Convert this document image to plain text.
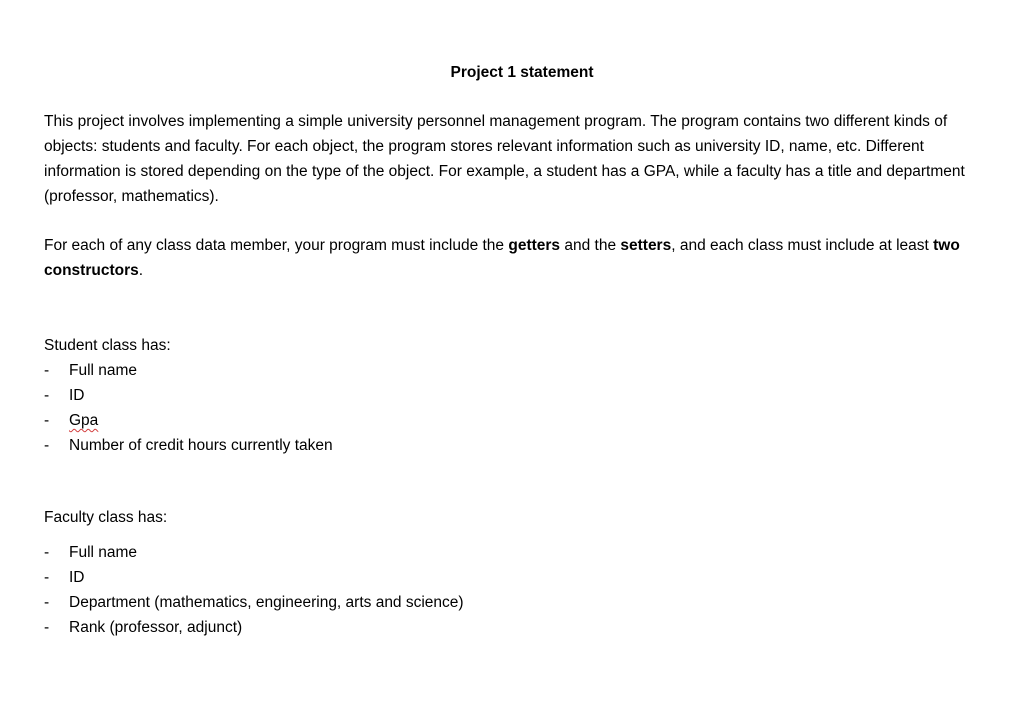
Project 1 statement

This project involves implementing a simple university personnel management program. The program contains two different kinds of objects: students and faculty. For each object, the program stores relevant information such as university ID, name, etc. Different information is stored depending on the type of the object. For example, a student has a GPA, while a faculty has a title and department (professor, mathematics).

For each of any class data member, your program must include the getters and the setters, and each class must include at least two constructors.

Student class has:

- Full name
- ID
- Gpa
- Number of credit hours currently taken

Faculty class has:

- Full name
- ID
- Department (mathematics, engineering, arts and science)
- Rank (professor, adjunct)
